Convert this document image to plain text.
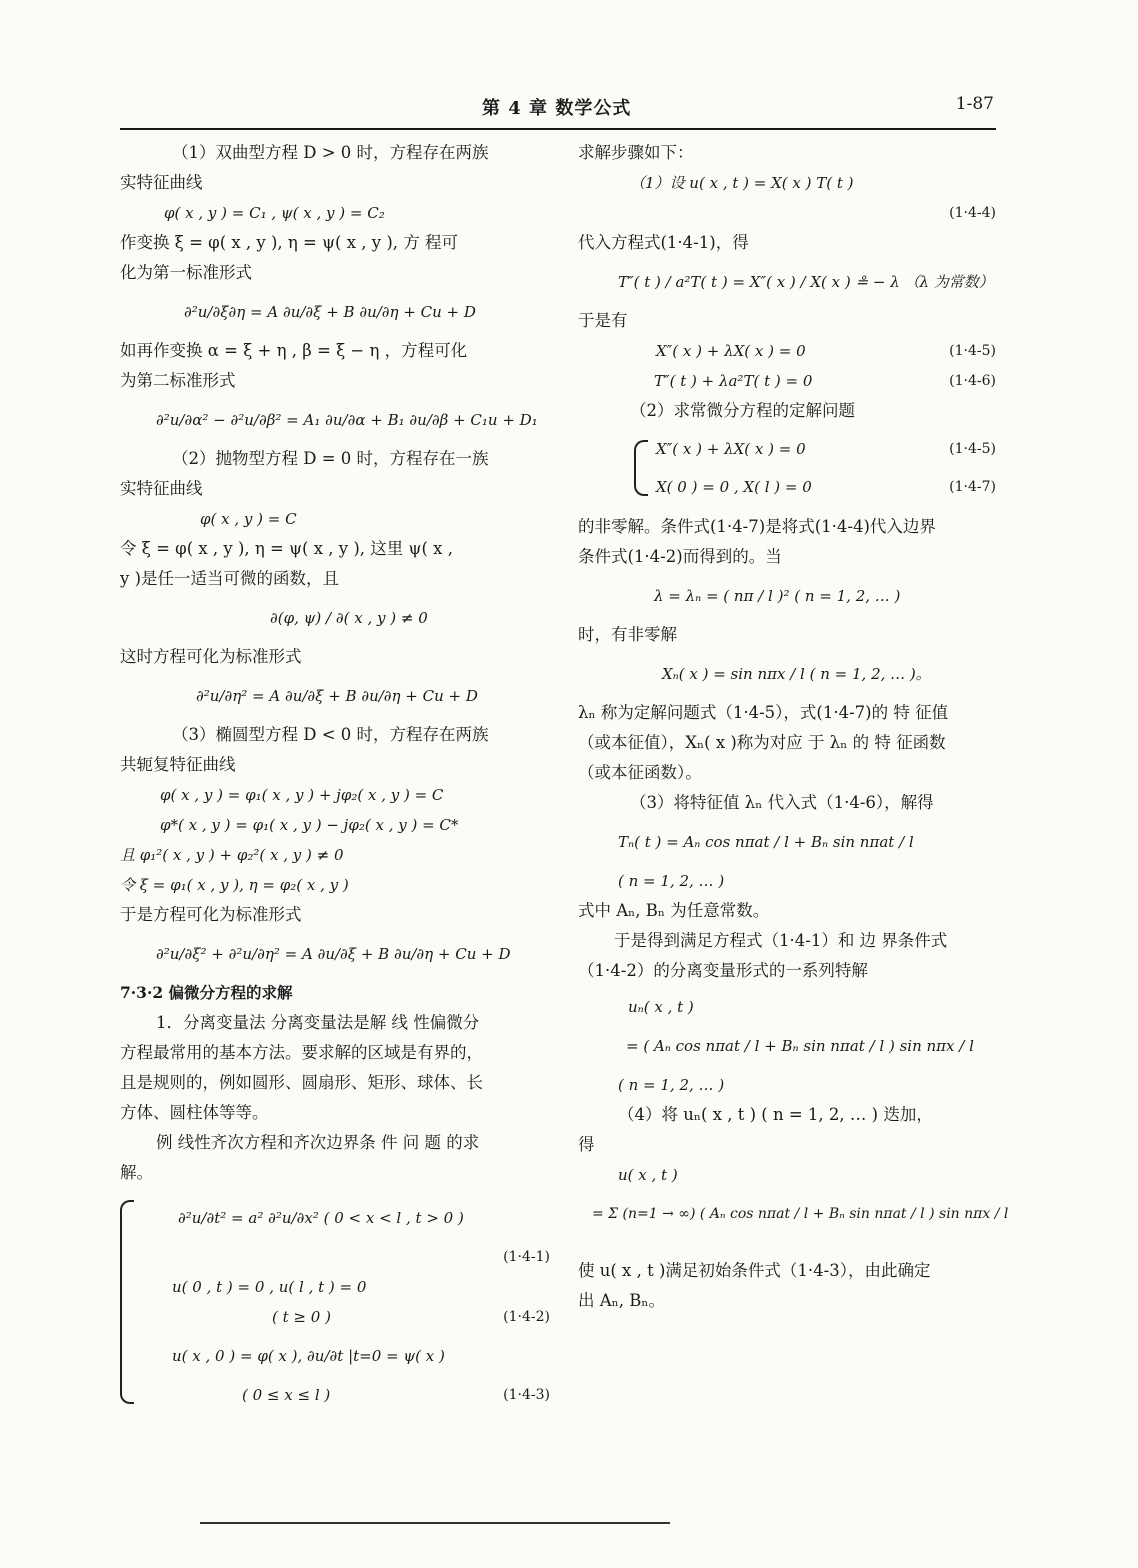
第 4 章 数学公式	1-87
（1）双曲型方程 D > 0 时，方程存在两族
实特征曲线
φ( x , y ) = C₁ , ψ( x , y ) = C₂
作变换 ξ = φ( x , y ), η = ψ( x , y ), 方 程可
化为第一标准形式
∂²u/∂ξ∂η = A ∂u/∂ξ + B ∂u/∂η + Cu + D
如再作变换 α = ξ + η , β = ξ − η ，方程可化
为第二标准形式
∂²u/∂α² − ∂²u/∂β² = A₁ ∂u/∂α + B₁ ∂u/∂β + C₁u + D₁
（2）抛物型方程 D = 0 时，方程存在一族
实特征曲线
φ( x , y ) = C
令 ξ = φ( x , y ), η = ψ( x , y ), 这里 ψ( x ,
y )是任一适当可微的函数，且
∂(φ, ψ) / ∂( x , y ) ≠ 0
这时方程可化为标准形式
∂²u/∂η² = A ∂u/∂ξ + B ∂u/∂η + Cu + D
（3）椭圆型方程 D < 0 时，方程存在两族
共轭复特征曲线
φ( x , y ) = φ₁( x , y ) + jφ₂( x , y ) = C
φ*( x , y ) = φ₁( x , y ) − jφ₂( x , y ) = C*
且 φ₁²( x , y ) + φ₂²( x , y ) ≠ 0
令 ξ = φ₁( x , y ), η = φ₂( x , y )
于是方程可化为标准形式
∂²u/∂ξ² + ∂²u/∂η² = A ∂u/∂ξ + B ∂u/∂η + Cu + D
7·3·2 偏微分方程的求解
1．分离变量法 分离变量法是解 线 性偏微分
方程最常用的基本方法。要求解的区域是有界的，
且是规则的，例如圆形、圆扇形、矩形、球体、长
方体、圆柱体等等。
例 线性齐次方程和齐次边界条 件 问 题 的求
解。
∂²u/∂t² = a² ∂²u/∂x² ( 0 < x < l , t > 0 )
(1·4-1)
u( 0 , t ) = 0 , u( l , t ) = 0
( t ≥ 0 )	(1·4-2)
u( x , 0 ) = φ( x ), ∂u/∂t |t=0 = ψ( x )
( 0 ≤ x ≤ l )	(1·4-3)
求解步骤如下：
（1）设 u( x , t ) = X( x ) T( t )
(1·4-4)
代入方程式(1·4-1)，得
T″( t ) / a²T( t ) = X″( x ) / X( x ) ≗ − λ （λ 为常数）
于是有
X″( x ) + λX( x ) = 0	(1·4-5)
T″( t ) + λa²T( t ) = 0	(1·4-6)
（2）求常微分方程的定解问题
X″( x ) + λX( x ) = 0	(1·4-5)
X( 0 ) = 0 , X( l ) = 0	(1·4-7)
的非零解。条件式(1·4-7)是将式(1·4-4)代入边界
条件式(1·4-2)而得到的。当
λ = λₙ = ( nπ / l )² ( n = 1, 2, … )
时，有非零解
Xₙ( x ) = sin nπx / l ( n = 1, 2, … )。
λₙ 称为定解问题式（1·4-5），式(1·4-7)的 特 征值
（或本征值），Xₙ( x )称为对应 于 λₙ 的 特 征函数
（或本征函数）。
（3）将特征值 λₙ 代入式（1·4-6），解得
Tₙ( t ) = Aₙ cos nπat / l + Bₙ sin nπat / l
( n = 1, 2, … )
式中 Aₙ, Bₙ 为任意常数。
于是得到满足方程式（1·4-1）和 边 界条件式
（1·4-2）的分离变量形式的一系列特解
uₙ( x , t )
= ( Aₙ cos nπat / l + Bₙ sin nπat / l ) sin nπx / l
( n = 1, 2, … )
（4）将 uₙ( x , t ) ( n = 1, 2, … ) 迭加，
得
u( x , t )
= Σ (n=1 → ∞) ( Aₙ cos nπat / l + Bₙ sin nπat / l ) sin nπx / l
使 u( x , t )满足初始条件式（1·4-3），由此确定
出 Aₙ, Bₙ。
